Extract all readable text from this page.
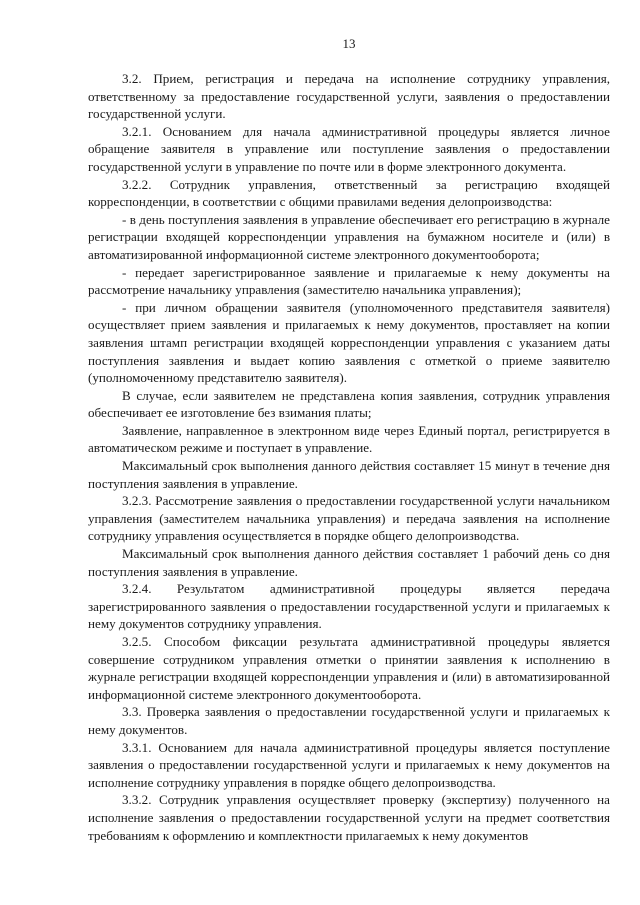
13

3.2. Прием, регистрация и передача на исполнение сотруднику управления, ответственному за предоставление государственной услуги, заявления о предоставлении государственной услуги.

3.2.1. Основанием для начала административной процедуры является личное обращение заявителя в управление или поступление заявления о предоставлении государственной услуги в управление по почте или в форме электронного документа.

3.2.2. Сотрудник управления, ответственный за регистрацию входящей корреспонденции, в соответствии с общими правилами ведения делопроизводства:

- в день поступления заявления в управление обеспечивает его регистрацию в журнале регистрации входящей корреспонденции управления на бумажном носителе и (или) в автоматизированной информационной системе электронного документооборота;

- передает зарегистрированное заявление и прилагаемые к нему документы на рассмотрение начальнику управления (заместителю начальника управления);

- при личном обращении заявителя (уполномоченного представителя заявителя) осуществляет прием заявления и прилагаемых к нему документов, проставляет на копии заявления штамп регистрации входящей корреспонденции управления с указанием даты поступления заявления и выдает копию заявления с отметкой о приеме заявителю (уполномоченному представителю заявителя).

В случае, если заявителем не представлена копия заявления, сотрудник управления обеспечивает ее изготовление без взимания платы;

Заявление, направленное в электронном виде через Единый портал, регистрируется в автоматическом режиме и поступает в управление.

Максимальный срок выполнения данного действия составляет 15 минут в течение дня поступления заявления в управление.

3.2.3. Рассмотрение заявления о предоставлении государственной услуги начальником управления (заместителем начальника управления) и передача заявления на исполнение сотруднику управления осуществляется в порядке общего делопроизводства.

Максимальный срок выполнения данного действия составляет 1 рабочий день со дня поступления заявления в управление.

3.2.4. Результатом административной процедуры является передача зарегистрированного заявления о предоставлении государственной услуги и прилагаемых к нему документов сотруднику управления.

3.2.5. Способом фиксации результата административной процедуры является совершение сотрудником управления отметки о принятии заявления к исполнению в журнале регистрации входящей корреспонденции управления и (или) в автоматизированной информационной системе электронного документооборота.

3.3. Проверка заявления о предоставлении государственной услуги и прилагаемых к нему документов.

3.3.1. Основанием для начала административной процедуры является поступление заявления о предоставлении государственной услуги и прилагаемых к нему документов на исполнение сотруднику управления в порядке общего делопроизводства.

3.3.2. Сотрудник управления осуществляет проверку (экспертизу) полученного на исполнение заявления о предоставлении государственной услуги на предмет соответствия требованиям к оформлению и комплектности прилагаемых к нему документов
